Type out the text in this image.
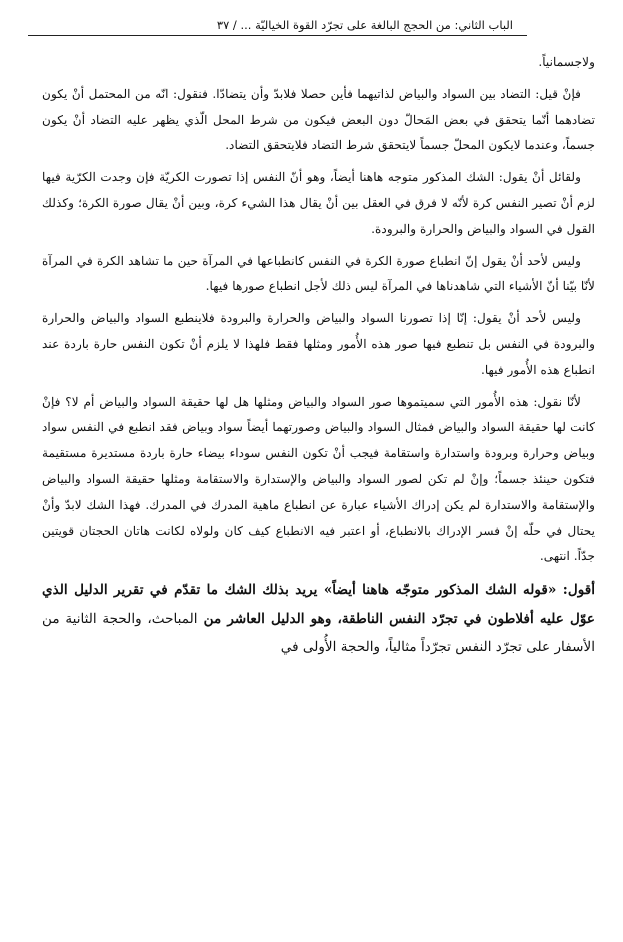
الباب الثاني: من الحجج البالغة على تجرّد القوة الخياليّة ... / ٣٧

ولاجسمانياً.

فإنْ قيل: التضاد بين السواد والبياض لذاتيهما فأين حصلا فلابدّ وأن يتضادّا. فنقول: انّه من المحتمل أنْ يكون تضادهما أنّما يتحقق في بعض المَحالّ دون البعض فيكون من شرط المحل الّذي يظهر عليه التضاد أنْ يكون جسماً، وعندما لايكون المحلّ جسماً لايتحقق شرط التضاد فلايتحقق التضاد.

ولقائل أنْ يقول: الشك المذكور متوجه هاهنا أيضاً، وهو أنّ النفس إذا تصورت الكريّة فإن وجدت الكرّية فيها لزم أنْ تصير النفس كرة لأنّه لا فرق في العقل بين أنْ يقال هذا الشيء كرة، وبين أنْ يقال صورة الكرة؛ وكذلك القول في السواد والبياض والحرارة والبرودة.

وليس لأحد أنْ يقول إنّ انطباع صورة الكرة في النفس كانطباعها في المرآة حين ما تشاهد الكرة في المرآة لأنّا بيّنا أنّ الأشياء التي شاهدناها في المرآة ليس ذلك لأجل انطباع صورها فيها.

وليس لأحد أنْ يقول: إنّا إذا تصورنا السواد والبياض والحرارة والبرودة فلاينطبع السواد والبياض والحرارة والبرودة في النفس بل تنطبع فيها صور هذه الأُمور ومثلها فقط فلهذا لا يلزم أنْ تكون النفس حارة باردة عند انطباع هذه الأُمور فيها.

لأنّا نقول: هذه الأُمور التي سميتموها صور السواد والبياض ومثلها هل لها حقيقة السواد والبياض أم لا؟ فإنْ كانت لها حقيقة السواد والبياض فمثال السواد والبياض وصورتهما أيضاً سواد وبياض فقد انطبع في النفس سواد وبياض وحرارة وبرودة واستدارة واستقامة فيجب أنْ تكون النفس سوداء بيضاء حارة باردة مستديرة مستقيمة فتكون حينئذ جسماً؛ وإنْ لم تكن لصور السواد والبياض والإستدارة والاستقامة ومثلها حقيقة السواد والبياض والإستقامة والاستدارة لم يكن إدراك الأشياء عبارة عن انطباع ماهية المدرك في المدرك. فهذا الشك لابدّ وأنْ يحتال في حلّه إنْ فسر الإدراك بالانطباع، أو اعتبر فيه الانطباع كيف كان ولولاه لكانت هاتان الحجتان قويتين جدّاً. انتهى.

أقول: «قوله الشك المذكور متوجّه هاهنا أيضاً» يريد بذلك الشك ما تقدّم في تقرير الدليل الذي عوّل عليه أفلاطون في تجرّد النفس الناطقة، وهو الدليل العاشر من المباحث، والحجة الثانية من الأسفار على تجرّد النفس تجرّداً مثالياً، والحجة الأُولى في
